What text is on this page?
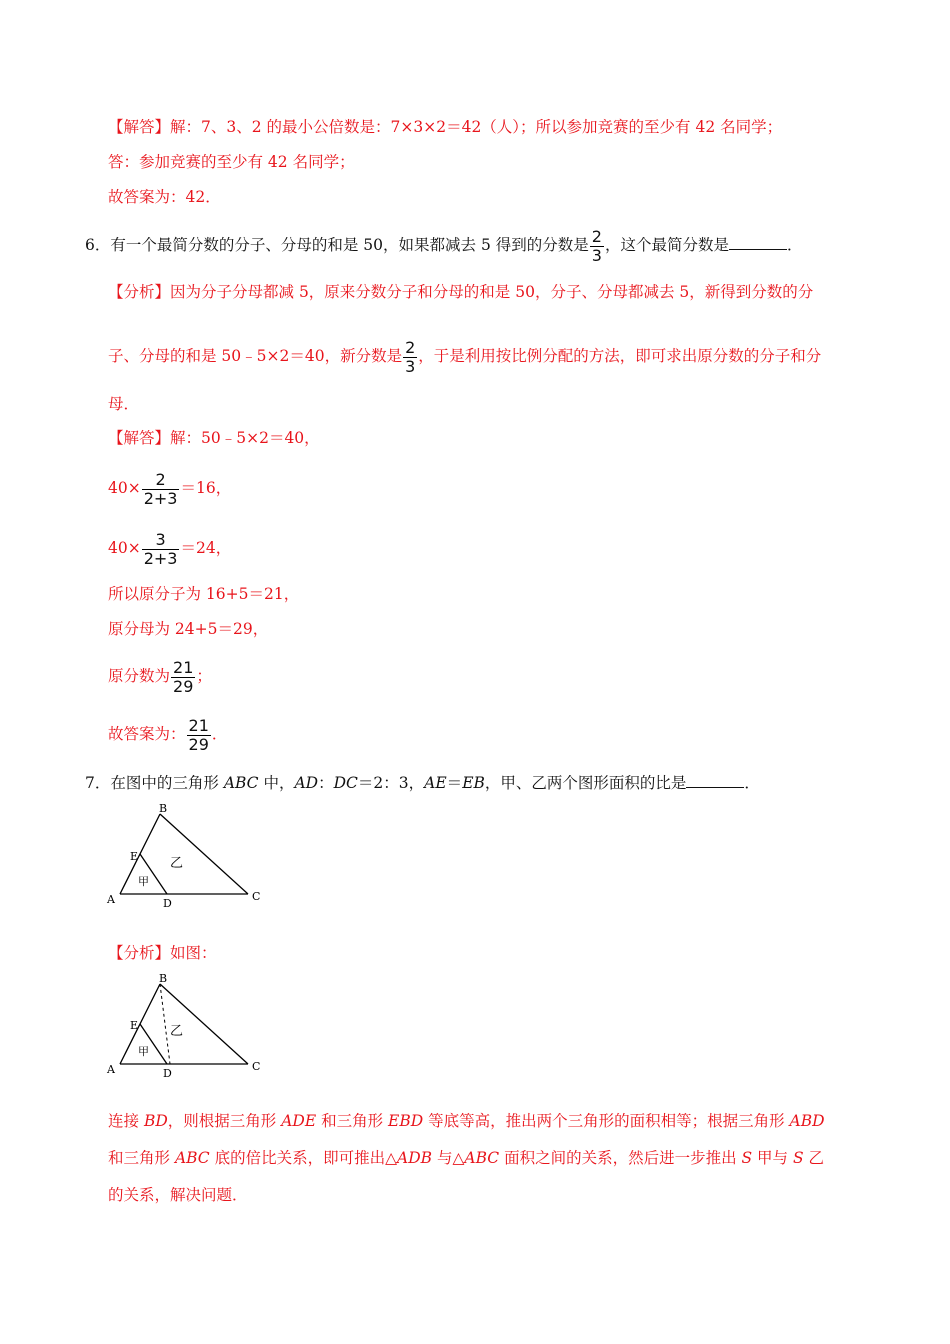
【解答】解：7、3、2 的最小公倍数是：7×3×2＝42（人）；所以参加竞赛的至少有 42 名同学；
答：参加竞赛的至少有 42 名同学；
故答案为：42．
6．有一个最简分数的分子、分母的和是 50，如果都减去 5 得到的分数是 $\frac{2}{3}$ ，这个最简分数是	．
【分析】因为分子分母都减 5，原来分数分子和分母的和是 50，分子、分母都减去 5，新得到分数的分
子、分母的和是 50﹣5×2＝40，新分数是 $\frac{2}{3}$ ，于是利用按比例分配的方法，即可求出原分数的分子和分
母．
【解答】解：50﹣5×2＝40，
$40\times \frac{2}{2+3} =16$，
$40\times \frac{3}{2+3} =24$，
所以原分子为 16+5＝21，
原分母为 24+5＝29，
原分数为 $\frac{21}{29}$ ；
故答案为： $\frac{21}{29}$ ．
7．在图中的三角形 ABC 中，AD：DC＝2：3，AE＝EB，甲、乙两个图形面积的比是	．
B
E
A	D
C
甲
乙
【分析】如图：
B
E
A	D
C
甲
乙
连接 BD，则根据三角形 ADE 和三角形 EBD 等底等高，推出两个三角形的面积相等；根据三角形 ABD
和三角形 ABC 底的倍比关系，即可推出△ADB 与△ABC 面积之间的关系，然后进一步推出 S 甲与 S 乙
的关系，解决问题．
